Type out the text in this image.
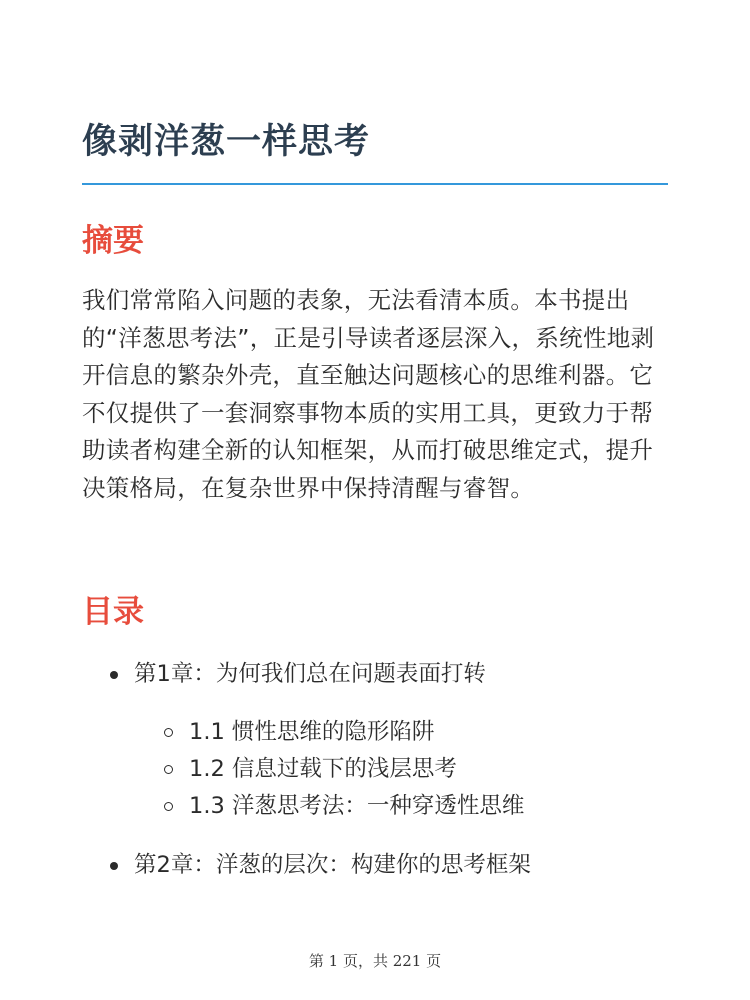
像剥洋葱一样思考
摘要

我们常常陷入问题的表象，无法看清本质。本书提出的“洋葱思考法”，正是引导读者逐层深入，系统性地剥开信息的繁杂外壳，直至触达问题核心的思维利器。它不仅提供了一套洞察事物本质的实用工具，更致力于帮助读者构建全新的认知框架，从而打破思维定式，提升决策格局，在复杂世界中保持清醒与睿智。

目录
第1章：为何我们总在问题表面打转
1.1 惯性思维的隐形陷阱
1.2 信息过载下的浅层思考
1.3 洋葱思考法：一种穿透性思维
第2章：洋葱的层次：构建你的思考框架
第 1 页，共 221 页
